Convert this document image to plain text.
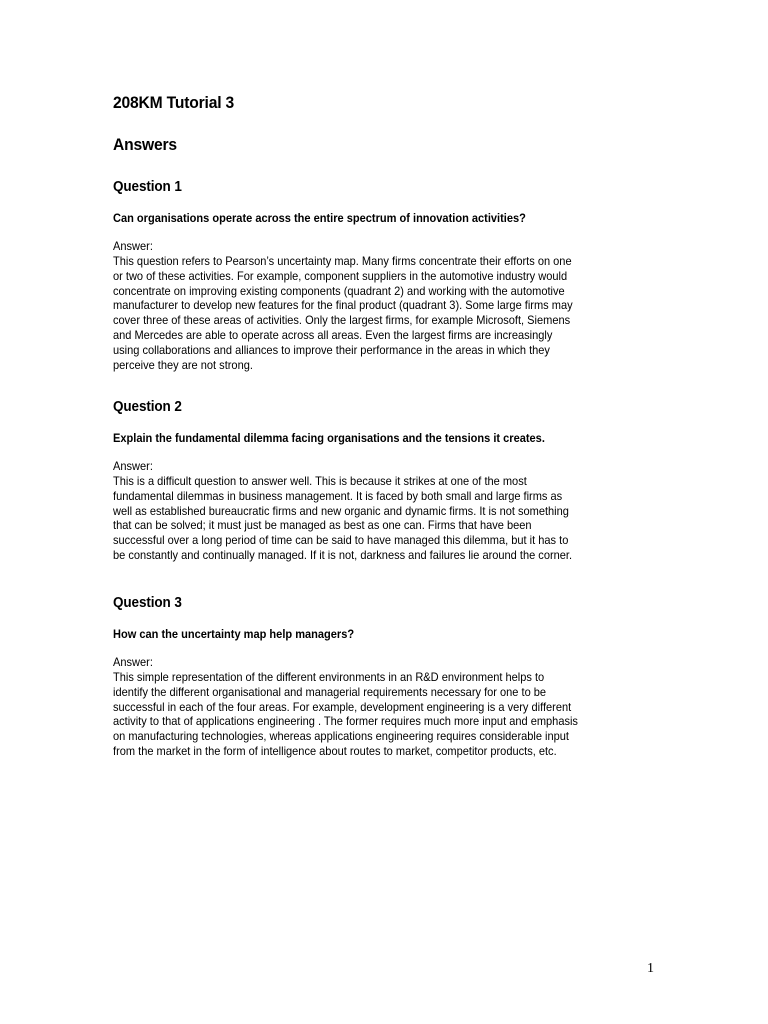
208KM Tutorial 3
Answers
Question 1

Can organisations operate across the entire spectrum of innovation activities?

Answer:

This question refers to Pearson’s uncertainty map. Many firms concentrate their efforts on one
or two of these activities. For example, component suppliers in the automotive industry would
concentrate on improving existing components (quadrant 2) and working with the automotive
manufacturer to develop new features for the final product (quadrant 3). Some large firms may
cover three of these areas of activities. Only the largest firms, for example Microsoft, Siemens
and Mercedes are able to operate across all areas. Even the largest firms are increasingly
using collaborations and alliances to improve their performance in the areas in which they
perceive they are not strong.

Question 2

Explain the fundamental dilemma facing organisations and the tensions it creates.

Answer:

This is a difficult question to answer well. This is because it strikes at one of the most
fundamental dilemmas in business management. It is faced by both small and large firms as
well as established bureaucratic firms and new organic and dynamic firms. It is not something
that can be solved; it must just be managed as best as one can. Firms that have been
successful over a long period of time can be said to have managed this dilemma, but it has to
be constantly and continually managed. If it is not, darkness and failures lie around the corner.

Question 3

How can the uncertainty map help managers?

Answer:

This simple representation of the different environments in an R&D environment helps to
identify the different organisational and managerial requirements necessary for one to be
successful in each of the four areas. For example, development engineering is a very different
activity to that of applications engineering . The former requires much more input and emphasis
on manufacturing technologies, whereas applications engineering requires considerable input
from the market in the form of intelligence about routes to market, competitor products, etc.

1
